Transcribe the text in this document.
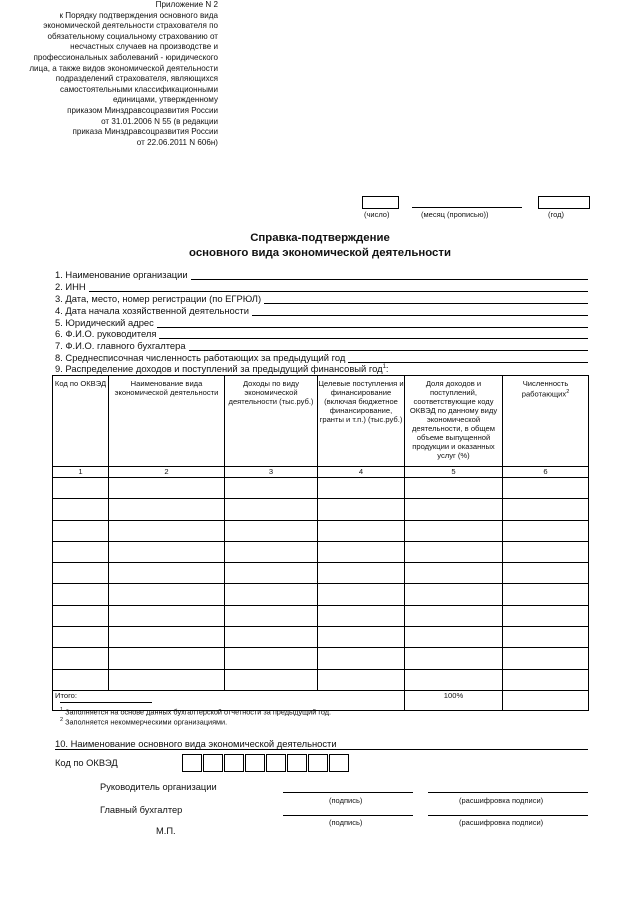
Приложение N 2
к Порядку подтверждения основного вида
экономической деятельности страхователя по
обязательному социальному страхованию от
несчастных случаев на производстве и
профессиональных заболеваний - юридического
лица, а также видов экономической деятельности
подразделений страхователя, являющихся
самостоятельными классификационными
единицами, утвержденному
приказом Минздравсоцразвития России
от 31.01.2006 N 55 (в редакции
приказа Минздравсоцразвития России
от 22.06.2011 N 606н)
(число)	(месяц (прописью))	(год)
Справка-подтверждение
основного вида экономической деятельности
1. Наименование организации
2. ИНН
3. Дата, место, номер регистрации (по ЕГРЮЛ)
4. Дата начала хозяйственной деятельности
5. Юридический адрес
6. Ф.И.О. руководителя
7. Ф.И.О. главного бухгалтера
8. Среднесписочная численность работающих за предыдущий год
9. Распределение доходов и поступлений за предыдущий финансовый год$^1$:
Код по ОКВЭД	Наименование вида экономической деятельности	Доходы по виду экономической деятельности (тыс.руб.)	Целевые поступления и финансирование (включая бюджетное финансирование, гранты и т.п.) (тыс.руб.)	Доля доходов и поступлений, соответствующие коду ОКВЭД по данному виду экономической деятельности, в общем объеме выпущенной продукции и оказанных услуг (%)	Численность работающих$^2$
1	2	3	4	5	6

Итого:				100%	
$^1$ Заполняется на основе данных бухгалтерской отчетности за предыдущий год.
$^2$ Заполняется некоммерческими организациями.
10. Наименование основного вида экономической деятельности
Код по ОКВЭД
Руководитель организации
(подпись)	(расшифровка подписи)
Главный бухгалтер
(подпись)	(расшифровка подписи)
М.П.
